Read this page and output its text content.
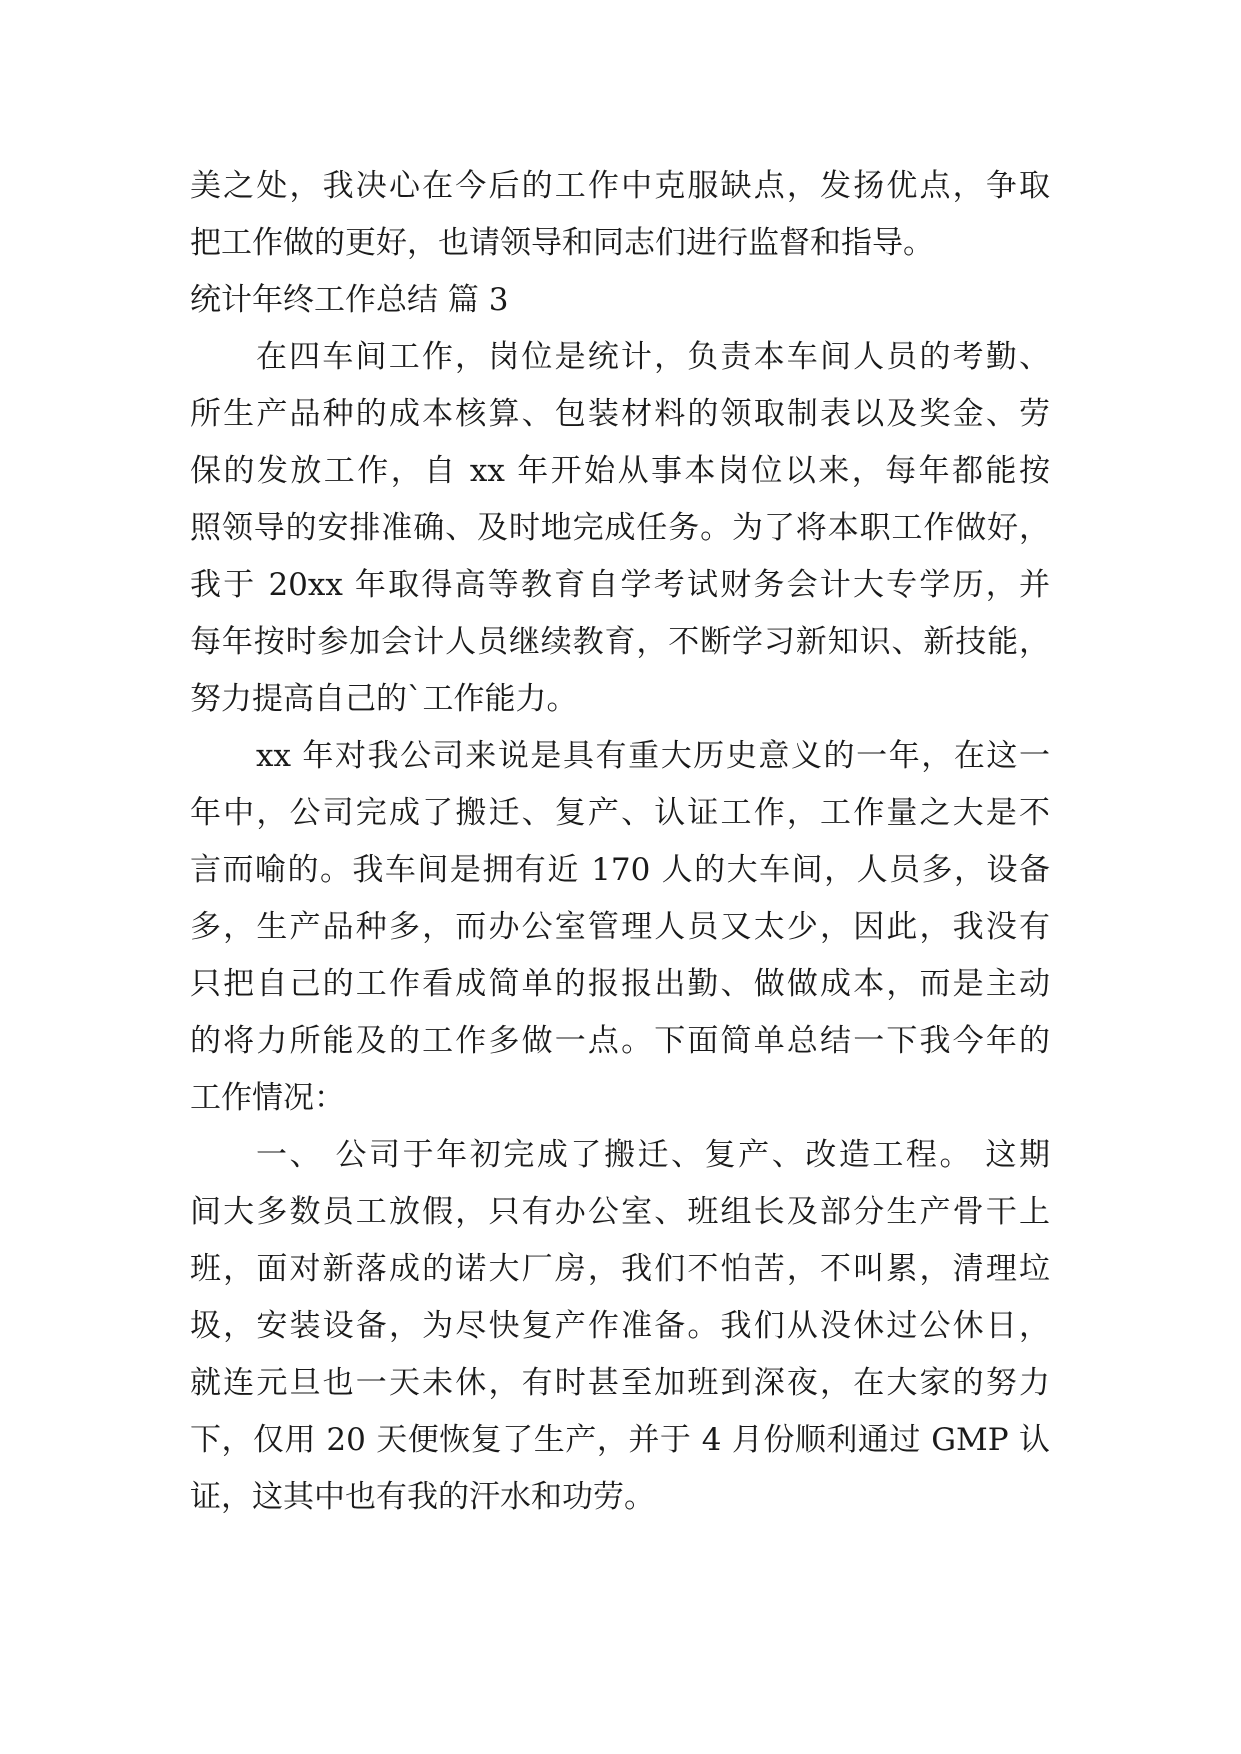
美之处，我决心在今后的工作中克服缺点，发扬优点，争取
把工作做的更好，也请领导和同志们进行监督和指导。
统计年终工作总结 篇 3
在四车间工作，岗位是统计，负责本车间人员的考勤、
所生产品种的成本核算、包装材料的领取制表以及奖金、劳
保的发放工作，自 xx 年开始从事本岗位以来，每年都能按
照领导的安排准确、及时地完成任务。为了将本职工作做好，
我于 20xx 年取得高等教育自学考试财务会计大专学历，并
每年按时参加会计人员继续教育，不断学习新知识、新技能，
努力提高自己的`工作能力。
xx 年对我公司来说是具有重大历史意义的一年，在这一
年中，公司完成了搬迁、复产、认证工作，工作量之大是不
言而喻的。我车间是拥有近 170 人的大车间，人员多，设备
多，生产品种多，而办公室管理人员又太少，因此，我没有
只把自己的工作看成简单的报报出勤、做做成本，而是主动
的将力所能及的工作多做一点。下面简单总结一下我今年的
工作情况：
一、 公司于年初完成了搬迁、复产、改造工程。 这期
间大多数员工放假，只有办公室、班组长及部分生产骨干上
班，面对新落成的诺大厂房，我们不怕苦，不叫累，清理垃
圾，安装设备，为尽快复产作准备。我们从没休过公休日，
就连元旦也一天未休，有时甚至加班到深夜，在大家的努力
下，仅用 20 天便恢复了生产，并于 4 月份顺利通过 GMP 认
证，这其中也有我的汗水和功劳。
